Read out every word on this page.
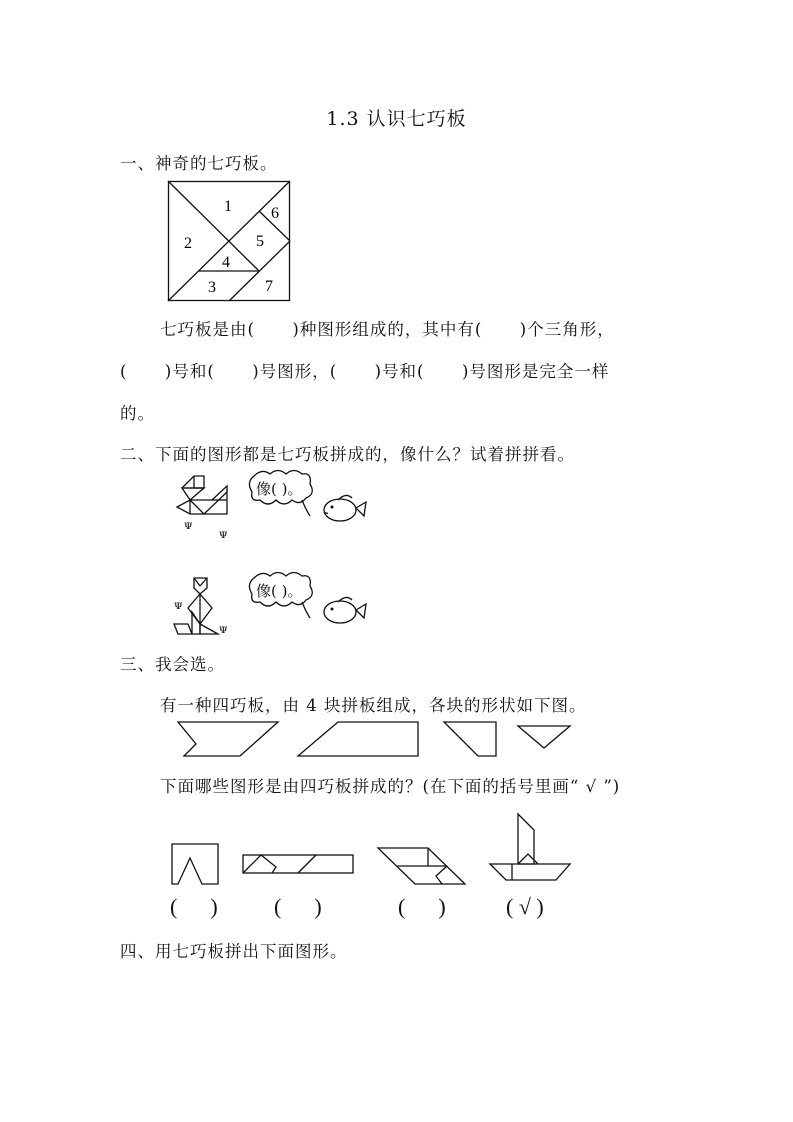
1.3 认识七巧板
一、神奇的七巧板。
1
2
3
4
5
6
7
七巧板是由(      )种图形组成的，其中有(      )个三角形，
(      )号和(      )号图形，(      )号和(      )号图形是完全一样
的。
二、下面的图形都是七巧板拼成的，像什么？试着拼拼看。
ᴪ
ᴪ
像( )。
ᴪ
ᴪ
像( )。
三、我会选。
有一种四巧板，由 4 块拼板组成，各块的形状如下图。
下面哪些图形是由四巧板拼成的？(在下面的括号里画“ √ ”)
(      )	(      )	(      )	( √ )
四、用七巧板拼出下面图形。
